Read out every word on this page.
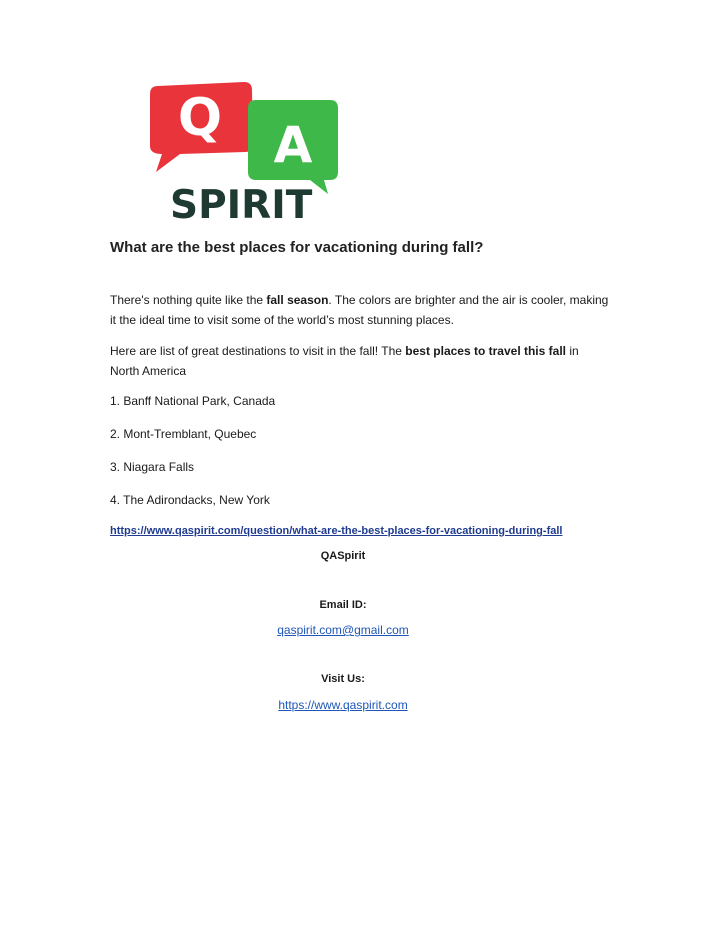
Q A
SPIRIT
What are the best places for vacationing during fall?

There's nothing quite like the fall season. The colors are brighter and the air is cooler, making it the ideal time to visit some of the world’s most stunning places.

Here are list of great destinations to visit in the fall! The best places to travel this fall in North America

1. Banff National Park, Canada

2. Mont-Tremblant, Quebec

3. Niagara Falls

4. The Adirondacks, New York

https://www.qaspirit.com/question/what-are-the-best-places-for-vacationing-during-fall

QASpirit

Email ID:

qaspirit.com@gmail.com

Visit Us:

https://www.qaspirit.com
